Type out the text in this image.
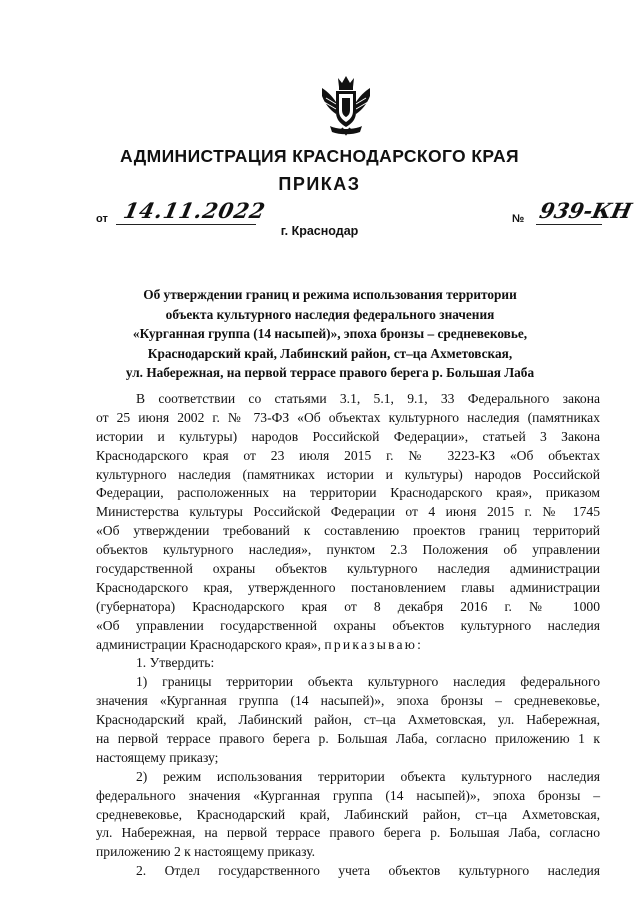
АДМИНИСТРАЦИЯ КРАСНОДАРСКОГО КРАЯ
ПРИКАЗ
от 14.11.2022	№ 939-КН
г. Краснодар
Об утверждении границ и режима использования территории
объекта культурного наследия федерального значения
«Курганная группа (14 насыпей)», эпоха бронзы – средневековье,
Краснодарский край, Лабинский район, ст–ца Ахметовская,
ул. Набережная, на первой террасе правого берега р. Большая Лаба
В соответствии со статьями 3.1, 5.1, 9.1, 33 Федерального закона
от 25 июня 2002 г. № 73-ФЗ «Об объектах культурного наследия (памятниках
истории и культуры) народов Российской Федерации», статьей 3 Закона
Краснодарского края от 23 июля 2015 г. № 3223-КЗ «Об объектах
культурного наследия (памятниках истории и культуры) народов Российской
Федерации, расположенных на территории Краснодарского края», приказом
Министерства культуры Российской Федерации от 4 июня 2015 г. № 1745
«Об утверждении требований к составлению проектов границ территорий
объектов культурного наследия», пунктом 2.3 Положения об управлении
государственной охраны объектов культурного наследия администрации
Краснодарского края, утвержденного постановлением главы администрации
(губернатора) Краснодарского края от 8 декабря 2016 г. № 1000
«Об управлении государственной охраны объектов культурного наследия
администрации Краснодарского края», приказываю:
1. Утвердить:
1) границы территории объекта культурного наследия федерального
значения «Курганная группа (14 насыпей)», эпоха бронзы – средневековье,
Краснодарский край, Лабинский район, ст–ца Ахметовская, ул. Набережная,
на первой террасе правого берега р. Большая Лаба, согласно приложению 1 к
настоящему приказу;
2) режим использования территории объекта культурного наследия
федерального значения «Курганная группа (14 насыпей)», эпоха бронзы –
средневековье, Краснодарский край, Лабинский район, ст–ца Ахметовская,
ул. Набережная, на первой террасе правого берега р. Большая Лаба, согласно
приложению 2 к настоящему приказу.
2. Отдел государственного учета объектов культурного наследия
